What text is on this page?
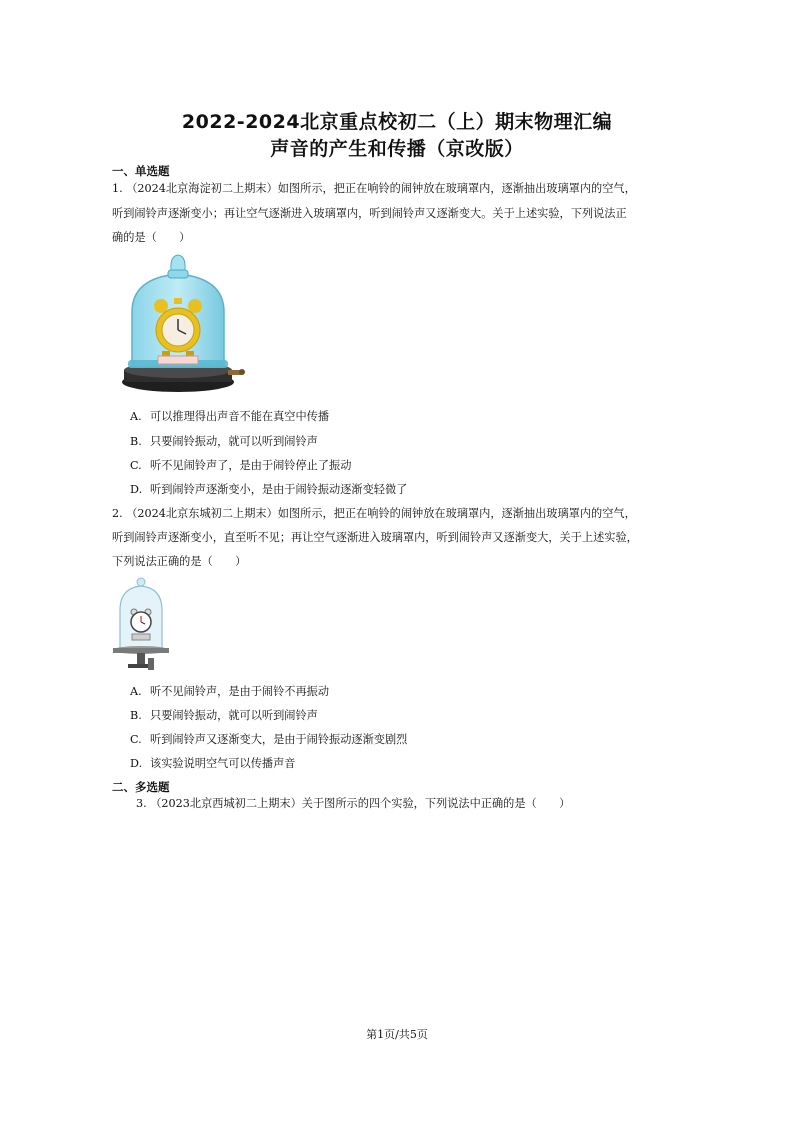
2022-2024北京重点校初二（上）期末物理汇编
声音的产生和传播（京改版）
一、单选题
1. （2024北京海淀初二上期末）如图所示，把正在响铃的闹钟放在玻璃罩内，逐渐抽出玻璃罩内的空气，
听到闹铃声逐渐变小；再让空气逐渐进入玻璃罩内，听到闹铃声又逐渐变大。关于上述实验，下列说法正
确的是（　　）
A. 可以推理得出声音不能在真空中传播
B. 只要闹铃振动，就可以听到闹铃声
C. 听不见闹铃声了，是由于闹铃停止了振动
D. 听到闹铃声逐渐变小，是由于闹铃振动逐渐变轻微了
2. （2024北京东城初二上期末）如图所示，把正在响铃的闹钟放在玻璃罩内，逐渐抽出玻璃罩内的空气，
听到闹铃声逐渐变小，直至听不见；再让空气逐渐进入玻璃罩内，听到闹铃声又逐渐变大，关于上述实验，
下列说法正确的是（　　）
A. 听不见闹铃声，是由于闹铃不再振动
B. 只要闹铃振动，就可以听到闹铃声
C. 听到闹铃声又逐渐变大，是由于闹铃振动逐渐变剧烈
D. 该实验说明空气可以传播声音
二、多选题
3. （2023北京西城初二上期末）关于图所示的四个实验，下列说法中正确的是（　　）
第1页/共5页
